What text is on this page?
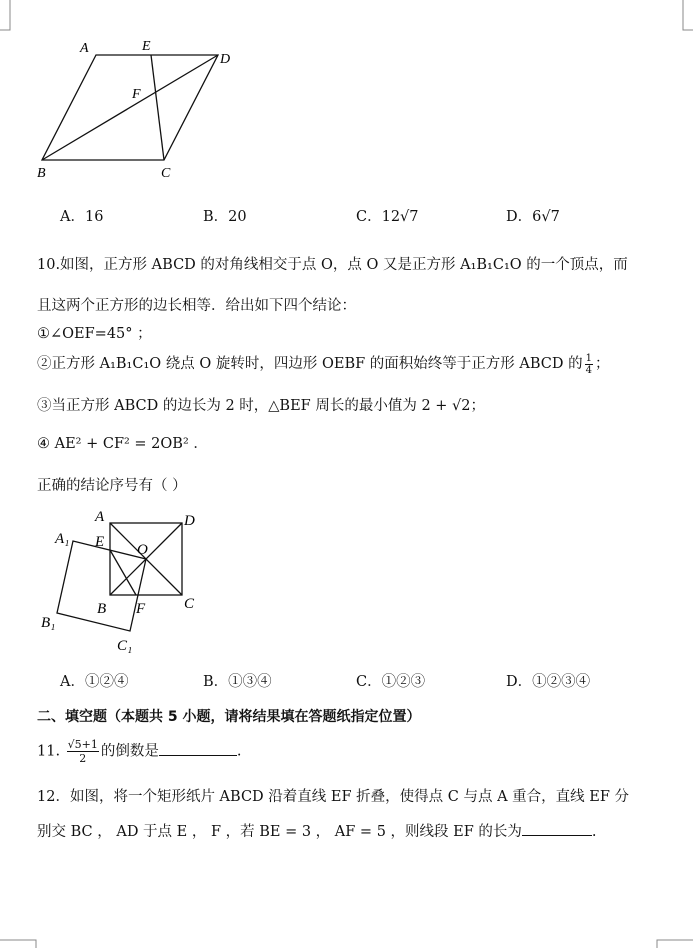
A	E
D
F
B	C
A．16	B．20	C．12√7	D．6√7
10.如图，正方形 ABCD 的对角线相交于点 O，点 O 又是正方形 A₁B₁C₁O 的一个顶点，而
且这两个正方形的边长相等．给出如下四个结论：
①∠OEF=45° ；
②正方形 A₁B₁C₁O 绕点 O 旋转时，四边形 OEBF 的面积始终等于正方形 ABCD 的 $\frac{1}{4}$ ；
③当正方形 ABCD 的边长为 2 时，△BEF 周长的最小值为 2 + √2；
④ AE² + CF² = 2OB² ．
正确的结论序号有（ ）
A	D
A₁ E O
B F	C
B₁
C₁
A．①②④	B．①③④	C．①②③	D．①②③④
二、填空题（本题共 5 小题，请将结果填在答题纸指定位置）
11. $\frac{√5+1}{2}$ 的倒数是	.
12．如图，将一个矩形纸片 ABCD 沿着直线 EF 折叠，使得点 C 与点 A 重合，直线 EF 分
别交 BC ， AD 于点 E ， F ，若 BE = 3 ， AF = 5 ，则线段 EF 的长为	.
